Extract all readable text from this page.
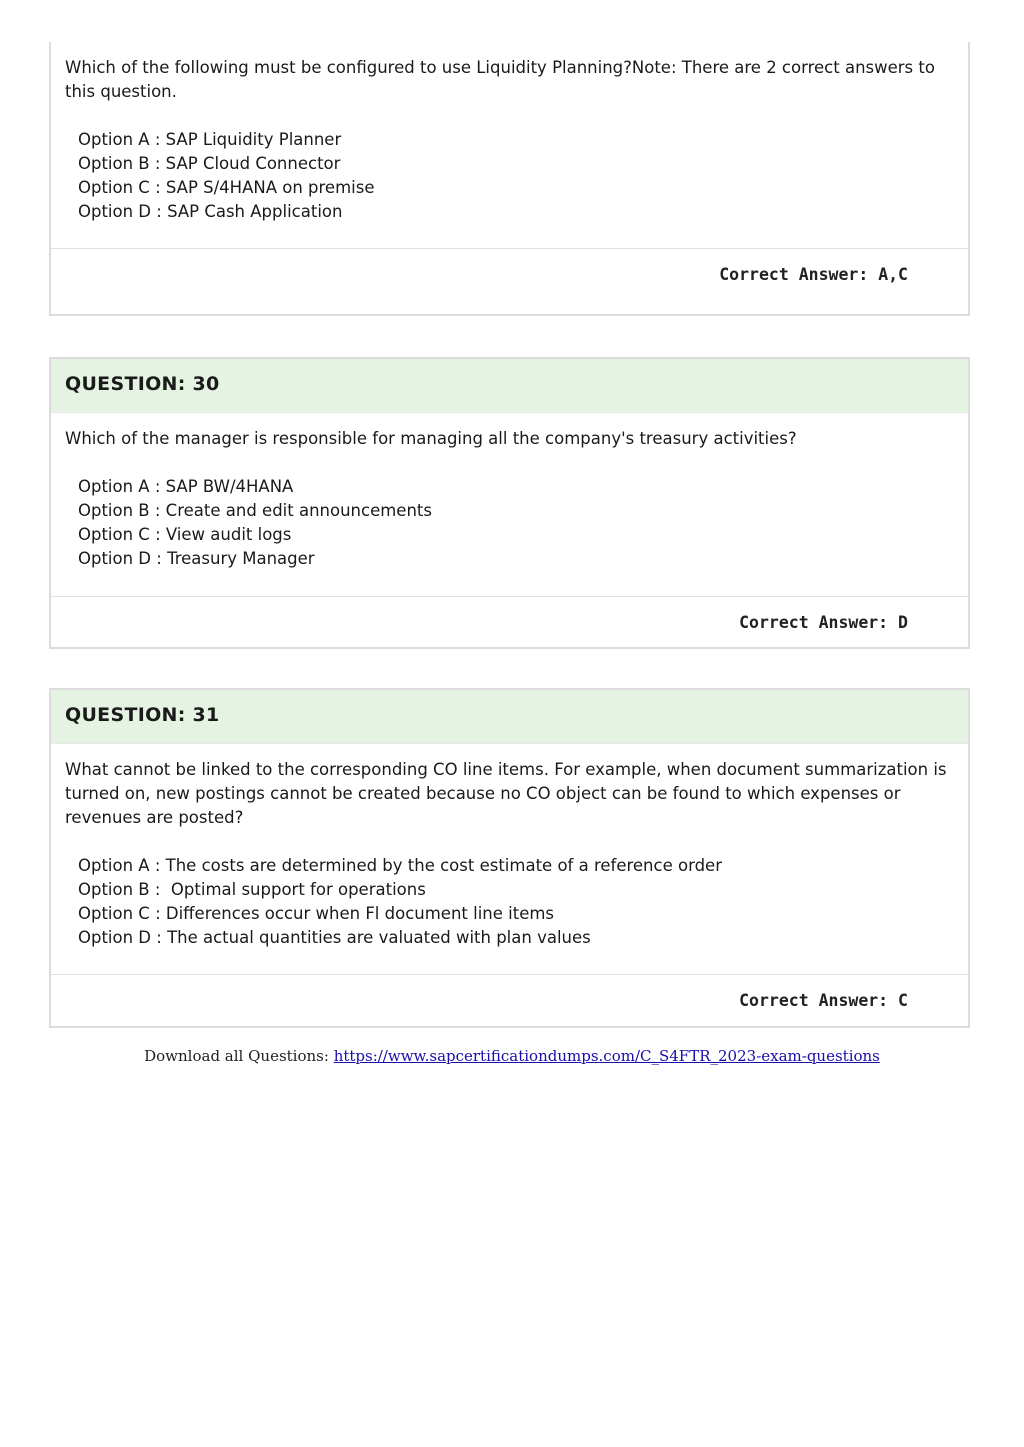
Which of the following must be configured to use Liquidity Planning?Note: There are 2 correct answers to this question.

Option A : SAP Liquidity Planner
Option B : SAP Cloud Connector
Option C : SAP S/4HANA on premise
Option D : SAP Cash Application
Correct Answer: A,C
QUESTION: 30

Which of the manager is responsible for managing all the company's treasury activities?

Option A : SAP BW/4HANA
Option B : Create and edit announcements
Option C : View audit logs
Option D : Treasury Manager
Correct Answer: D
QUESTION: 31

What cannot be linked to the corresponding CO line items. For example, when document summarization is turned on, new postings cannot be created because no CO object can be found to which expenses or revenues are posted?

Option A : The costs are determined by the cost estimate of a reference order
Option B :  Optimal support for operations
Option C : Differences occur when Fl document line items
Option D : The actual quantities are valuated with plan values
Correct Answer: C
Download all Questions: https://www.sapcertificationdumps.com/C_S4FTR_2023-exam-questions
